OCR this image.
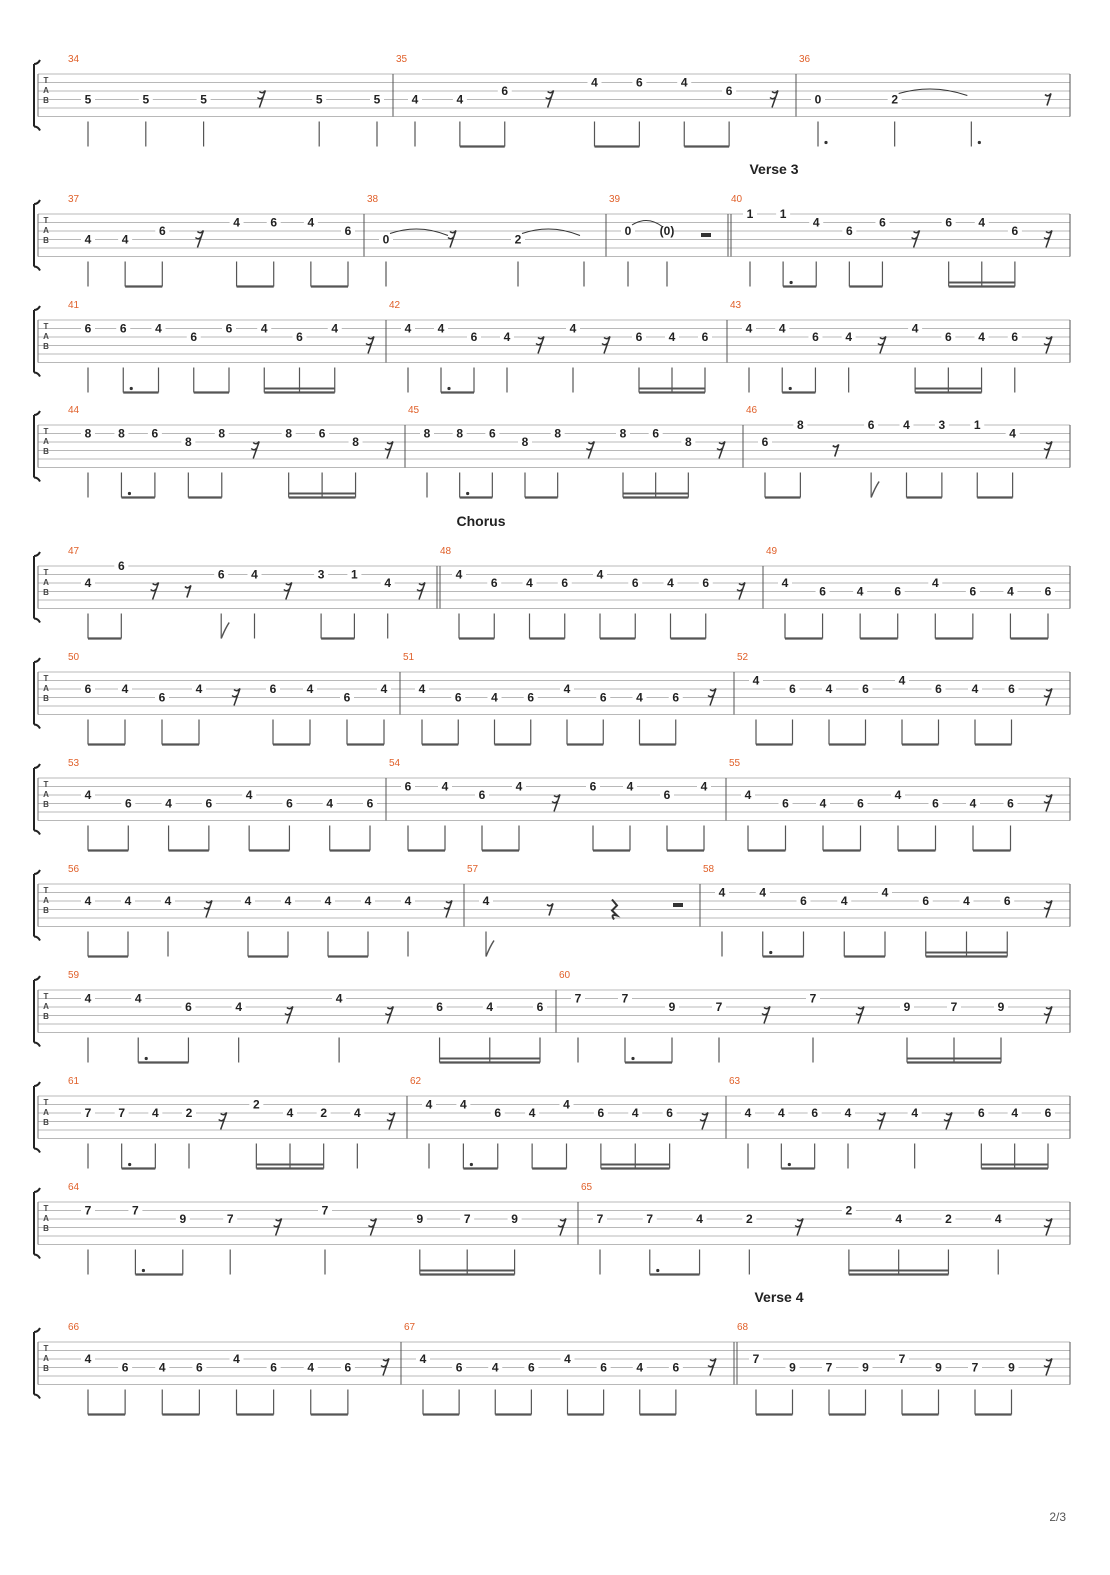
T
A
B
34
5	5	5	5	5
35
4	4
6
4	6	4
6
36
0	2
T
A
B
Verse 3
37
4	4
6
4	6	4
6
38
0	2
39
0 (0)
40
1 1
4
6
6	6 4
6
T
A
B
41
6 6 4
6
6 4
6
4
42
4 4
6 4
4
6 4 6
43
4 4
6 4
4
6 4 6
T
A
B
44
8 8 6
8
8	8 6
8
45
8 8 6
8
8	8 6
8
46
6
8	6 4 3 1
4
T
A
B
Chorus
47
4
6
6 4	3 1
4
48
4
6 4 6
4
6 4 6
49
4
6	4	6
4
6	4	6
T
A
B
50
6	4
6
4	6	4
6
4
51
4
6 4 6
4
6 4 6
52
4
6 4 6
4
6 4 6
T
A
B
53
4
6	4	6
4
6	4	6
54
6	4
6
4	6	4
6
4
55
4
6	4	6
4
6	4	6
T
A
B
56
4	4	4	4	4	4	4	4
57
4
58
4	4
6	4
4
6	4	6
T
A
B
59
4	4
6	4
4
6	4	6
60
7	7
9	7
7
9	7	9
T
A
B
61
7 7 4 2
2
4 2 4
62
4 4
6 4
4
6 4 6
63
4 4 6 4	4	6 4 6
T
A
B
64
7	7
9	7
7
9	7	9
65
7	7	4	2
2
4	2	4
T
A
B
Verse 4
66
4
6	4	6
4
6	4	6
67
4
6 4 6
4
6 4 6
68
7
9 7 9
7
9 7 9
2/3
